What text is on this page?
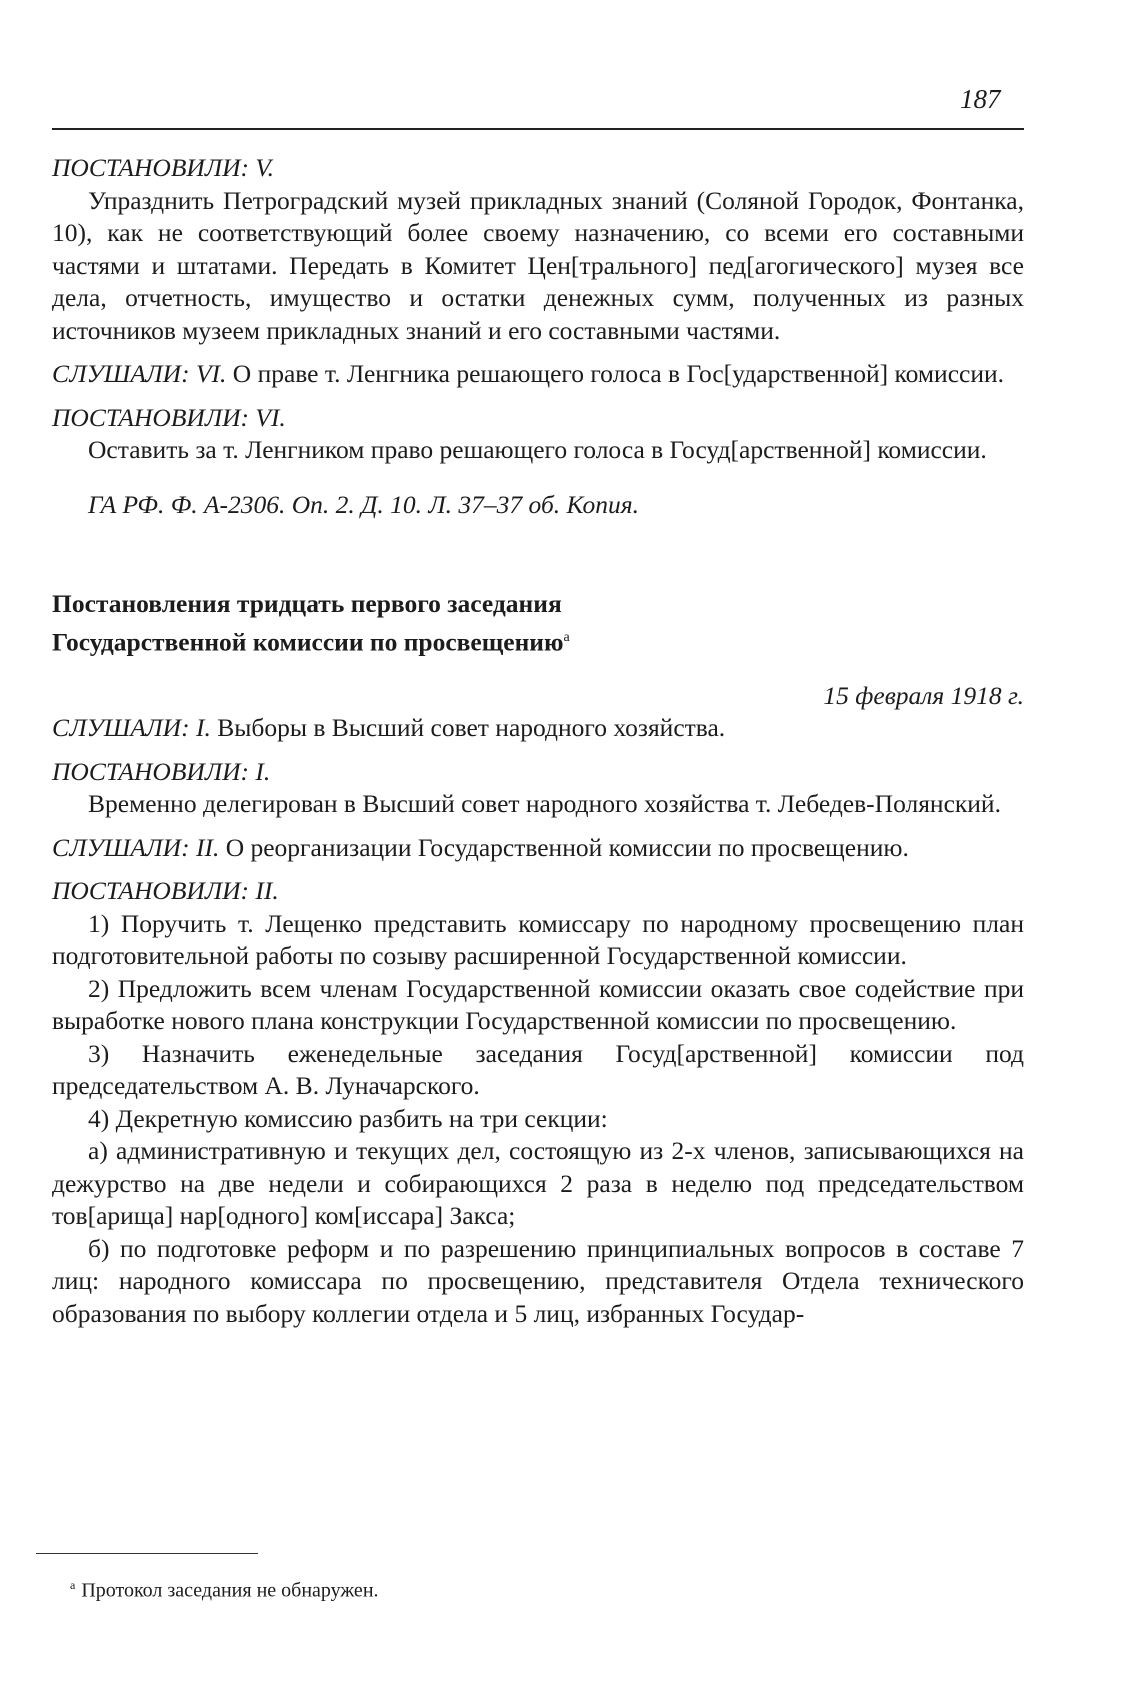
187

ПОСТАНОВИЛИ: V.

Упразднить Петроградский музей прикладных знаний (Соляной Городок, Фонтанка, 10), как не соответствующий более своему назначению, со всеми его составными частями и штатами. Передать в Комитет Цен[трального] пед[агогического] музея все дела, отчетность, имущество и остатки денежных сумм, полученных из разных источников музеем прикладных знаний и его составными частями.

СЛУШАЛИ: VI. О праве т. Ленгника решающего голоса в Гос[ударственной] комиссии.

ПОСТАНОВИЛИ: VI.

Оставить за т. Ленгником право решающего голоса в Госуд[арственной] комиссии.

ГА РФ. Ф. А-2306. Оп. 2. Д. 10. Л. 37–37 об. Копия.

Постановления тридцать первого заседания
Государственной комиссии по просвещению$^а$

15 февраля 1918 г.

СЛУШАЛИ: I. Выборы в Высший совет народного хозяйства.

ПОСТАНОВИЛИ: I.

Временно делегирован в Высший совет народного хозяйства т. Лебедев-Полянский.

СЛУШАЛИ: II. О реорганизации Государственной комиссии по просвещению.

ПОСТАНОВИЛИ: II.

1) Поручить т. Лещенко представить комиссару по народному просвещению план подготовительной работы по созыву расширенной Государственной комиссии.

2) Предложить всем членам Государственной комиссии оказать свое содействие при выработке нового плана конструкции Государственной комиссии по просвещению.

3) Назначить еженедельные заседания Госуд[арственной] комиссии под председательством А. В. Луначарского.

4) Декретную комиссию разбить на три секции:

а) административную и текущих дел, состоящую из 2-х членов, записывающихся на дежурство на две недели и собирающихся 2 раза в неделю под председательством тов[арища] нар[одного] ком[иссара] Закса;

б) по подготовке реформ и по разрешению принципиальных вопросов в составе 7 лиц: народного комиссара по просвещению, представителя Отдела технического образования по выбору коллегии отдела и 5 лиц, избранных Государ-

$^а$ Протокол заседания не обнаружен.
